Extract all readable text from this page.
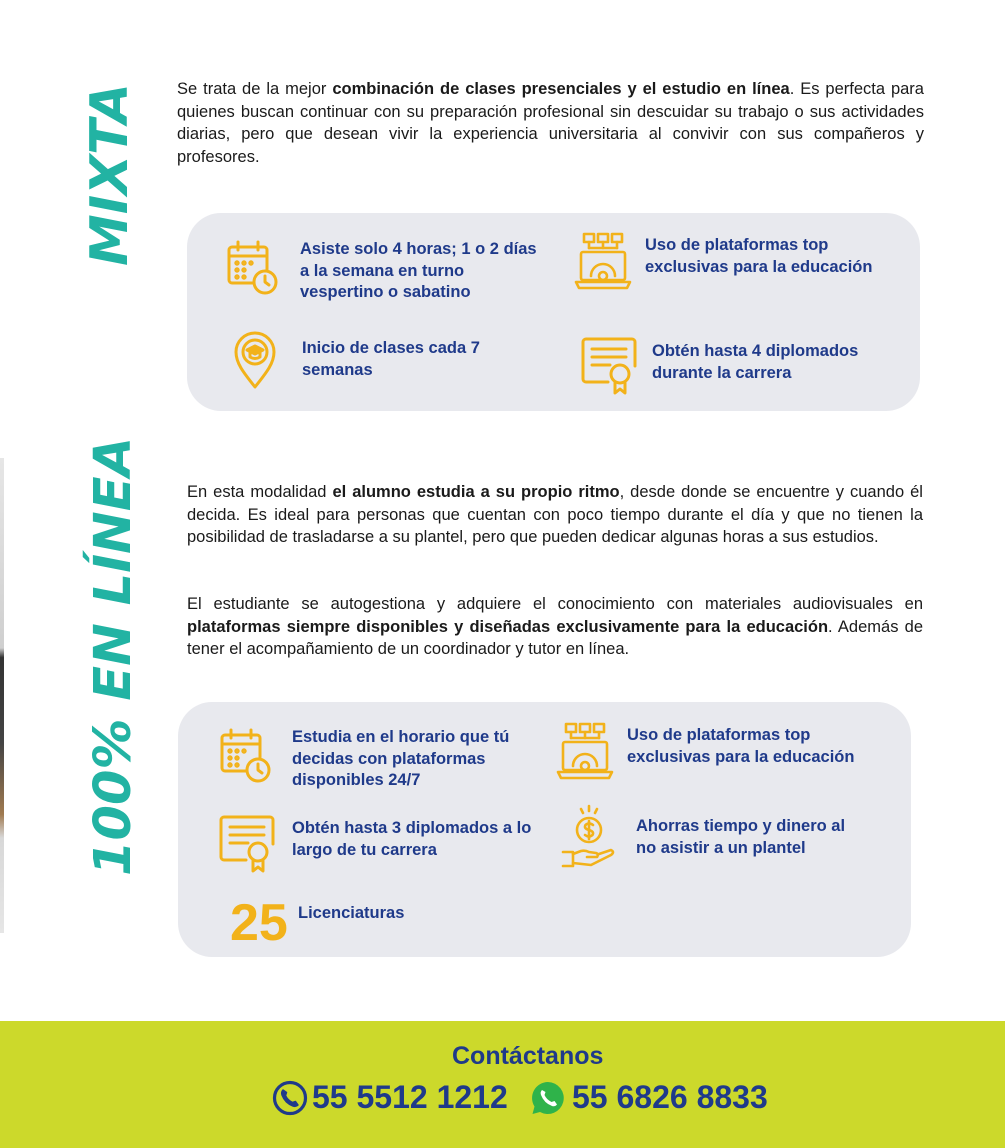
MIXTA Se trata de la mejor combinación de clases presenciales y el estudio en línea. Es perfecta para quienes buscan continuar con su preparación profesional sin descuidar su trabajo o sus actividades diarias, pero que desean vivir la experiencia universitaria al convivir con sus compañeros y profesores.
Asiste solo 4 horas; 1 o 2 días a la semana en turno vespertino o sabatino
Uso de plataformas top exclusivas para la educación
Inicio de clases cada 7 semanas
Obtén hasta 4 diplomados durante la carrera
100% EN LÍNEA	En esta modalidad el alumno estudia a su propio ritmo, desde donde se encuentre y cuando él decida. Es ideal para personas que cuentan con poco tiempo durante el día y que no tienen la posibilidad de trasladarse a su plantel, pero que pueden dedicar algunas horas a sus estudios.
El estudiante se autogestiona y adquiere el conocimiento con materiales audiovisuales en plataformas siempre disponibles y diseñadas exclusivamente para la educación. Además de tener el acompañamiento de un coordinador y tutor en línea.
Estudia en el horario que tú decidas con plataformas disponibles 24/7
Uso de plataformas top exclusivas para la educación
Obtén hasta 3 diplomados a lo largo de tu carrera
Ahorras tiempo y dinero al no asistir a un plantel
25 Licenciaturas
Contáctanos
55 5512 1212 55 6826 8833
